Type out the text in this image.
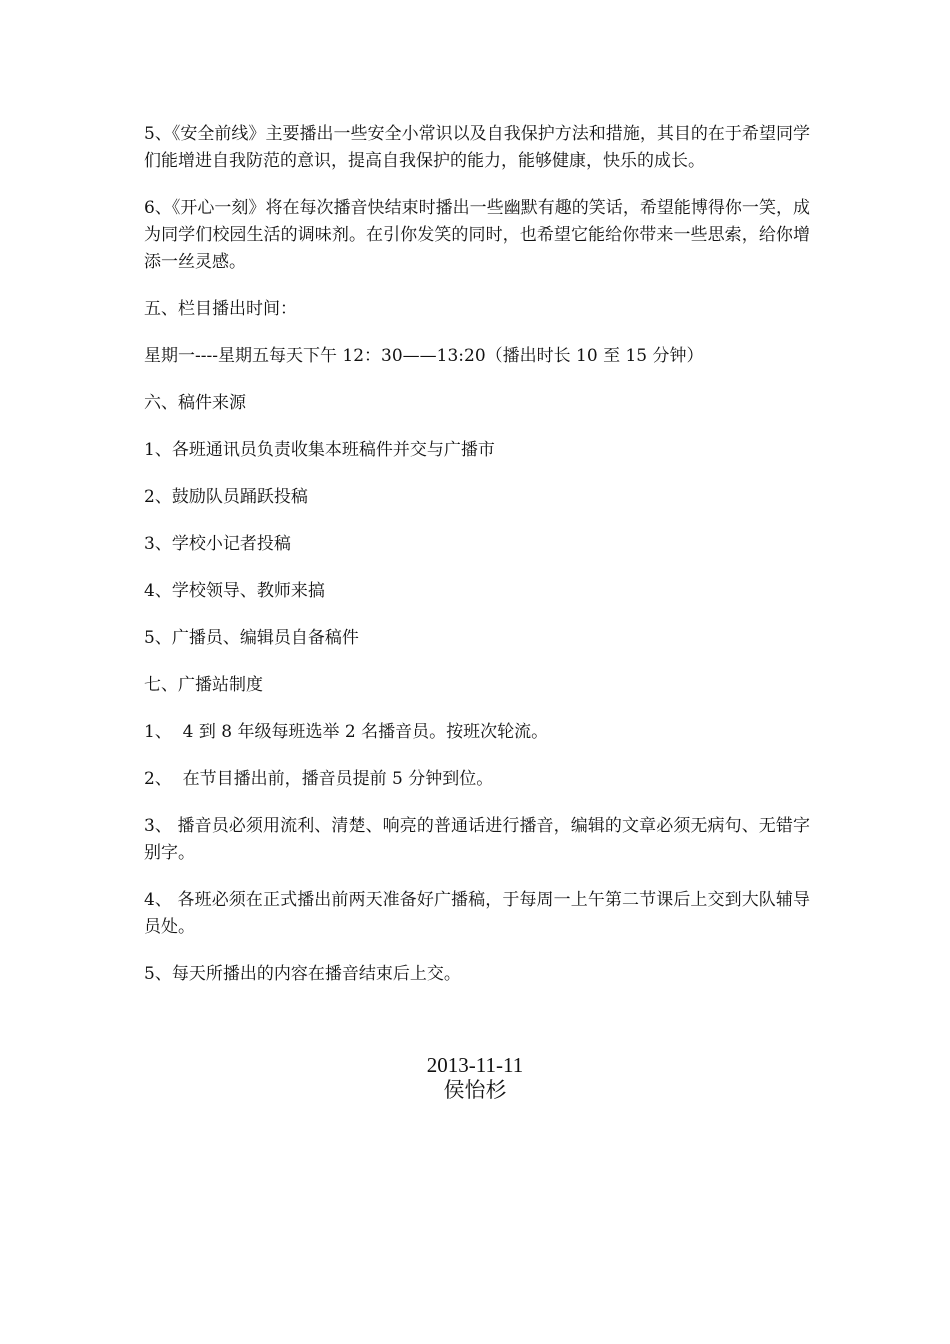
5、《安全前线》主要播出一些安全小常识以及自我保护方法和措施，其目的在于希望同学们能增进自我防范的意识，提高自我保护的能力，能够健康，快乐的成长。

6、《开心一刻》将在每次播音快结束时播出一些幽默有趣的笑话，希望能博得你一笑，成为同学们校园生活的调味剂。在引你发笑的同时，也希望它能给你带来一些思索，给你增添一丝灵感。

五、栏目播出时间：

星期一----星期五每天下午 12：30——13:20（播出时长 10 至 15 分钟）

六、稿件来源

1、各班通讯员负责收集本班稿件并交与广播市

2、鼓励队员踊跃投稿

3、学校小记者投稿

4、学校领导、教师来搞

5、广播员、编辑员自备稿件

七、广播站制度

1、  4 到 8 年级每班选举 2 名播音员。按班次轮流。

2、  在节目播出前，播音员提前 5 分钟到位。

3、 播音员必须用流利、清楚、响亮的普通话进行播音，编辑的文章必须无病句、无错字别字。

4、 各班必须在正式播出前两天准备好广播稿，于每周一上午第二节课后上交到大队辅导员处。

5、每天所播出的内容在播音结束后上交。

2013-11-11
侯怡杉
